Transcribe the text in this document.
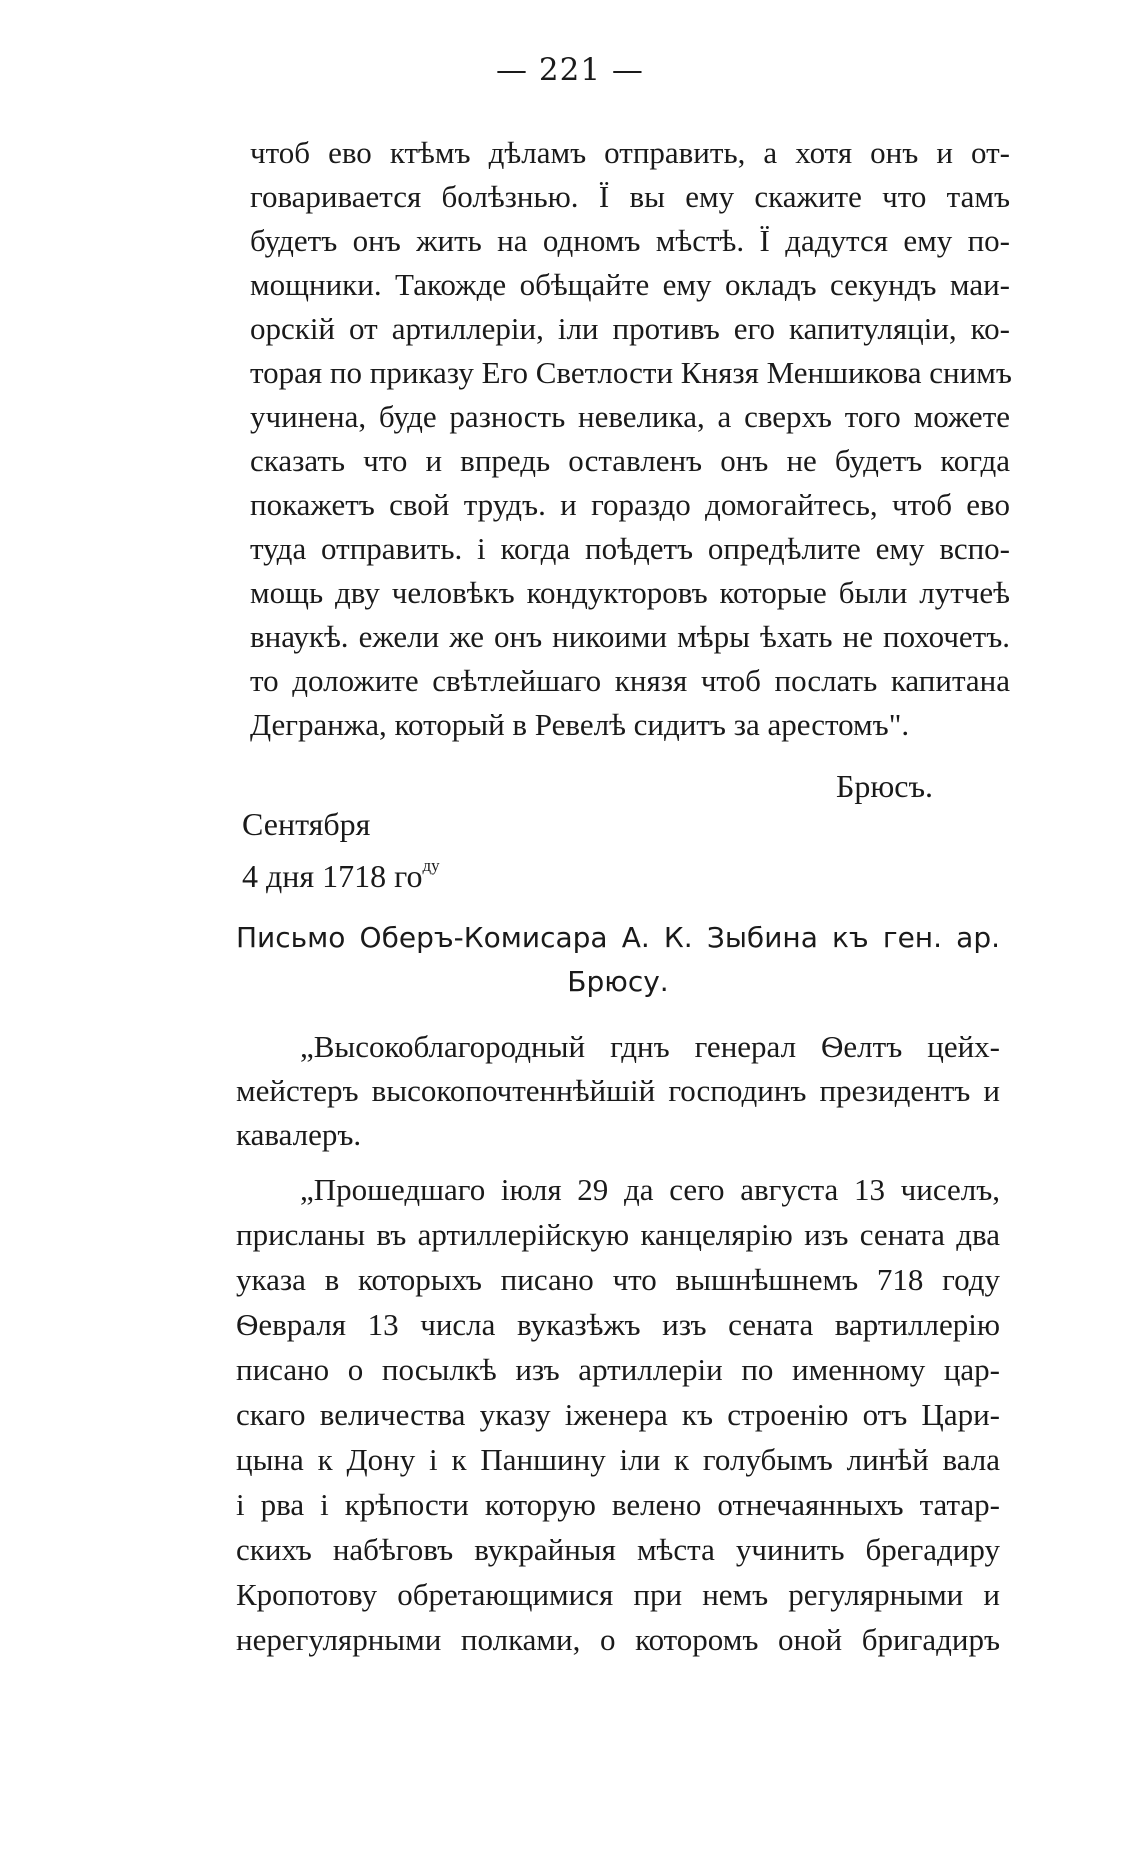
— 221 —
чтоб ево ктѣмъ дѣламъ отправить, а хотя онъ и от-
говаривается болѣзнью. Ї вы ему скажите что тамъ
будетъ онъ жить на одномъ мѣстѣ. Ї дадутся ему по-
мощники. Такожде обѣщайте ему окладъ секундъ маи-
орскій от артиллеріи, іли противъ его капитуляціи, ко-
торая по приказу Его Светлости Князя Меншикова снимъ
учинена, буде разность невелика, а сверхъ того можете
сказать что и впредь оставленъ онъ не будетъ когда
покажетъ свой трудъ. и гораздо домогайтесь, чтоб ево
туда отправить. і когда поѣдетъ опредѣлите ему вспо-
мощь дву человѣкъ кондукторовъ которые были лутчеѣ
внаукѣ. ежели же онъ никоими мѣры ѣхать не похочетъ.
то доложите свѣтлейшаго князя чтоб послать капитана
Дегранжа, который в Ревелѣ сидитъ за арестомъ".
Брюсъ.
Сентября
4 дня 1718 $го^{ду}$
Письмо Оберъ-Комисара А. К. Зыбина къ ген. ар.
Брюсу.
„Высокоблагородный гднъ генерал Ѳелтъ цейх-
мейстеръ высокопочтеннѣйшій господинъ президентъ и
кавалеръ.
„Прошедшаго іюля 29 да сего августа 13 чиселъ,
присланы въ артиллерійскую канцелярію изъ сената два
указа в которыхъ писано что вышнѣшнемъ 718 году
Ѳевраля 13 числа вуказѣжъ изъ сената вартиллерію
писано о посылкѣ изъ артиллеріи по именному цар-
скаго величества указу іженера къ строенію отъ Цари-
цына к Дону і к Паншину іли к голубымъ линѣй вала
і рва і крѣпости которую велено отнечаянныхъ татар-
скихъ набѣговъ вукрайныя мѣста учинить брегадиру
Кропотову обретающимися при немъ регулярными и
нерегулярными полками, о которомъ оной бригадиръ
